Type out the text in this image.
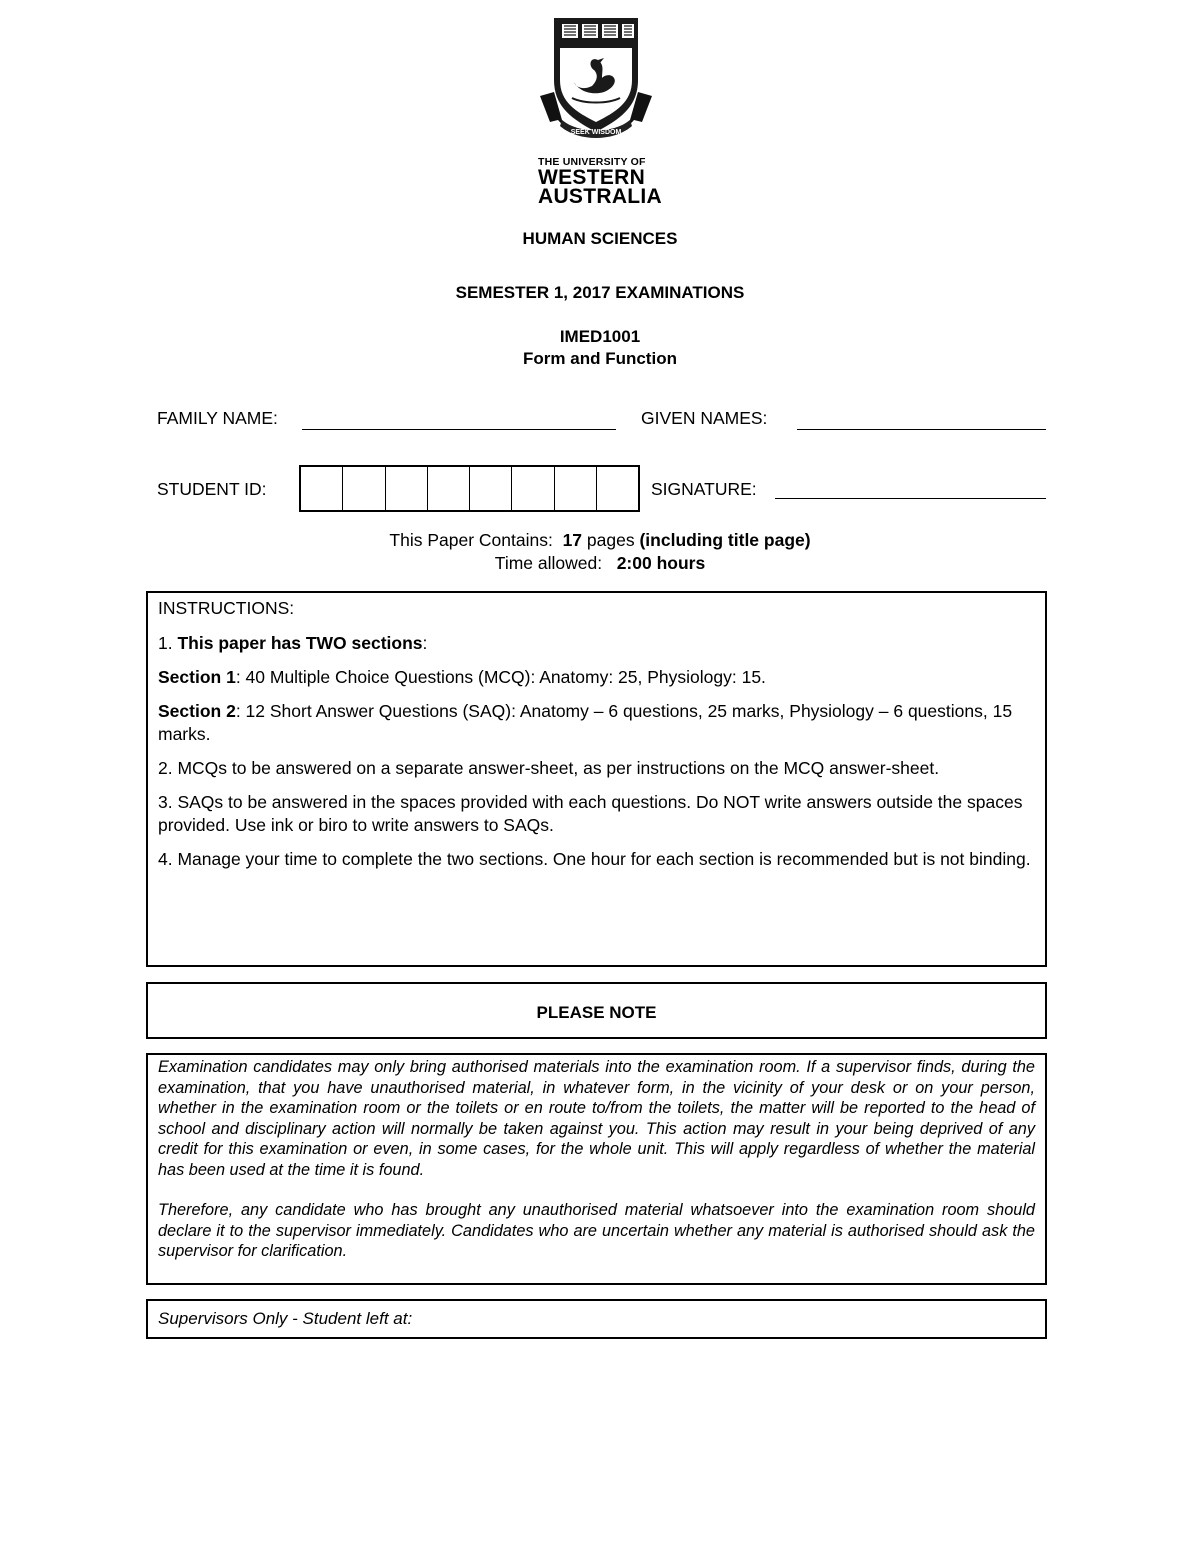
SEEK WISDOM
THE UNIVERSITY OF
WESTERN
AUSTRALIA
HUMAN SCIENCES
SEMESTER 1, 2017 EXAMINATIONS
IMED1001
Form and Function
FAMILY NAME:	GIVEN NAMES:
STUDENT ID:	SIGNATURE:
This Paper Contains: 17 pages (including title page)
Time allowed: 2:00 hours

INSTRUCTIONS:

1. This paper has TWO sections:

Section 1: 40 Multiple Choice Questions (MCQ): Anatomy: 25, Physiology: 15.

Section 2: 12 Short Answer Questions (SAQ): Anatomy – 6 questions, 25 marks, Physiology – 6 questions, 15 marks.

2. MCQs to be answered on a separate answer-sheet, as per instructions on the MCQ answer-sheet.

3. SAQs to be answered in the spaces provided with each questions. Do NOT write answers outside the spaces provided. Use ink or biro to write answers to SAQs.

4. Manage your time to complete the two sections. One hour for each section is recommended but is not binding.

PLEASE NOTE

Examination candidates may only bring authorised materials into the examination room. If a supervisor finds, during the examination, that you have unauthorised material, in whatever form, in the vicinity of your desk or on your person, whether in the examination room or the toilets or en route to/from the toilets, the matter will be reported to the head of school and disciplinary action will normally be taken against you. This action may result in your being deprived of any credit for this examination or even, in some cases, for the whole unit. This will apply regardless of whether the material has been used at the time it is found.

Therefore, any candidate who has brought any unauthorised material whatsoever into the examination room should declare it to the supervisor immediately. Candidates who are uncertain whether any material is authorised should ask the supervisor for clarification.

Supervisors Only - Student left at:
